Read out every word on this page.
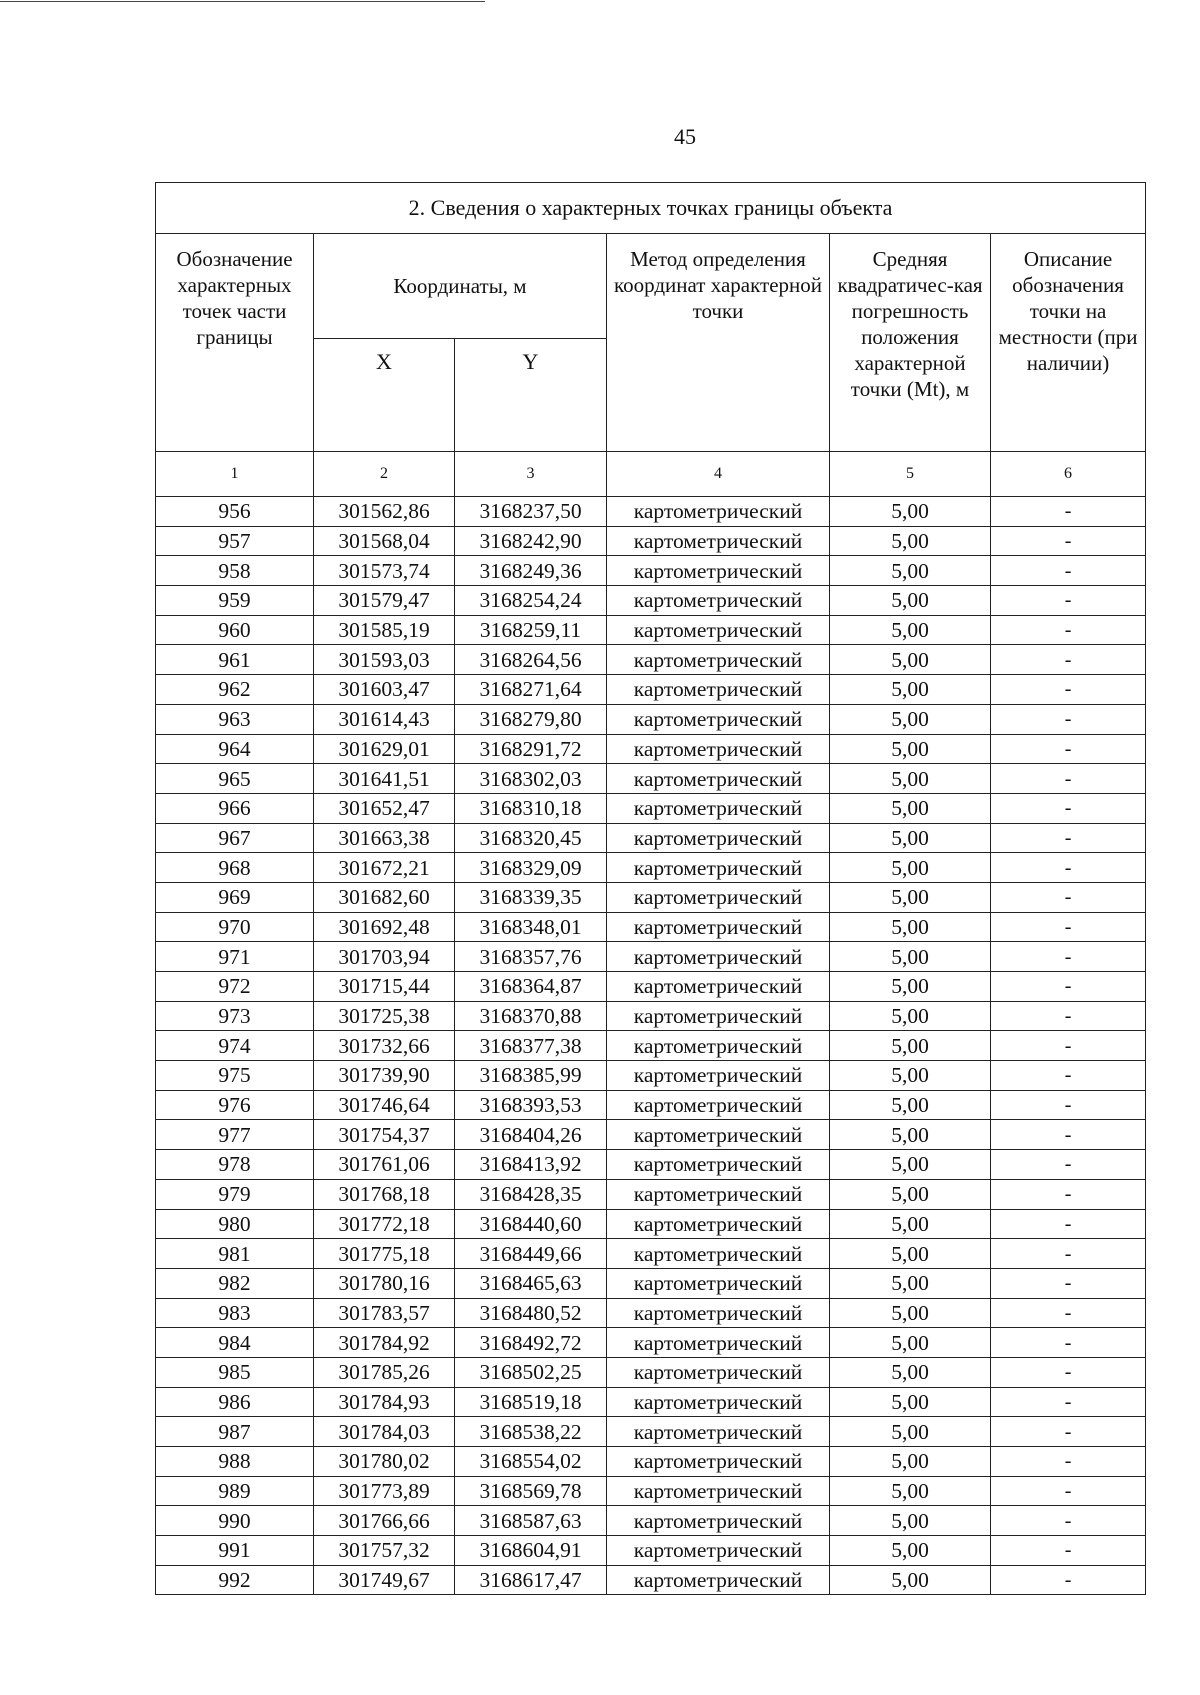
45
2. Сведения о характерных точках границы объекта					
Обозначение характерных точек части границы	Координаты, м		Метод определения координат характерной точки	Средняя квадратичес-кая погрешность положения характерной точки (Mt), м	Описание обозначения точки на местности (при наличии)
	X	Y			
1	2	3	4	5	6
956	301562,86	3168237,50	картометрический	5,00	-
957	301568,04	3168242,90	картометрический	5,00	-
958	301573,74	3168249,36	картометрический	5,00	-
959	301579,47	3168254,24	картометрический	5,00	-
960	301585,19	3168259,11	картометрический	5,00	-
961	301593,03	3168264,56	картометрический	5,00	-
962	301603,47	3168271,64	картометрический	5,00	-
963	301614,43	3168279,80	картометрический	5,00	-
964	301629,01	3168291,72	картометрический	5,00	-
965	301641,51	3168302,03	картометрический	5,00	-
966	301652,47	3168310,18	картометрический	5,00	-
967	301663,38	3168320,45	картометрический	5,00	-
968	301672,21	3168329,09	картометрический	5,00	-
969	301682,60	3168339,35	картометрический	5,00	-
970	301692,48	3168348,01	картометрический	5,00	-
971	301703,94	3168357,76	картометрический	5,00	-
972	301715,44	3168364,87	картометрический	5,00	-
973	301725,38	3168370,88	картометрический	5,00	-
974	301732,66	3168377,38	картометрический	5,00	-
975	301739,90	3168385,99	картометрический	5,00	-
976	301746,64	3168393,53	картометрический	5,00	-
977	301754,37	3168404,26	картометрический	5,00	-
978	301761,06	3168413,92	картометрический	5,00	-
979	301768,18	3168428,35	картометрический	5,00	-
980	301772,18	3168440,60	картометрический	5,00	-
981	301775,18	3168449,66	картометрический	5,00	-
982	301780,16	3168465,63	картометрический	5,00	-
983	301783,57	3168480,52	картометрический	5,00	-
984	301784,92	3168492,72	картометрический	5,00	-
985	301785,26	3168502,25	картометрический	5,00	-
986	301784,93	3168519,18	картометрический	5,00	-
987	301784,03	3168538,22	картометрический	5,00	-
988	301780,02	3168554,02	картометрический	5,00	-
989	301773,89	3168569,78	картометрический	5,00	-
990	301766,66	3168587,63	картометрический	5,00	-
991	301757,32	3168604,91	картометрический	5,00	-
992	301749,67	3168617,47	картометрический	5,00	-
